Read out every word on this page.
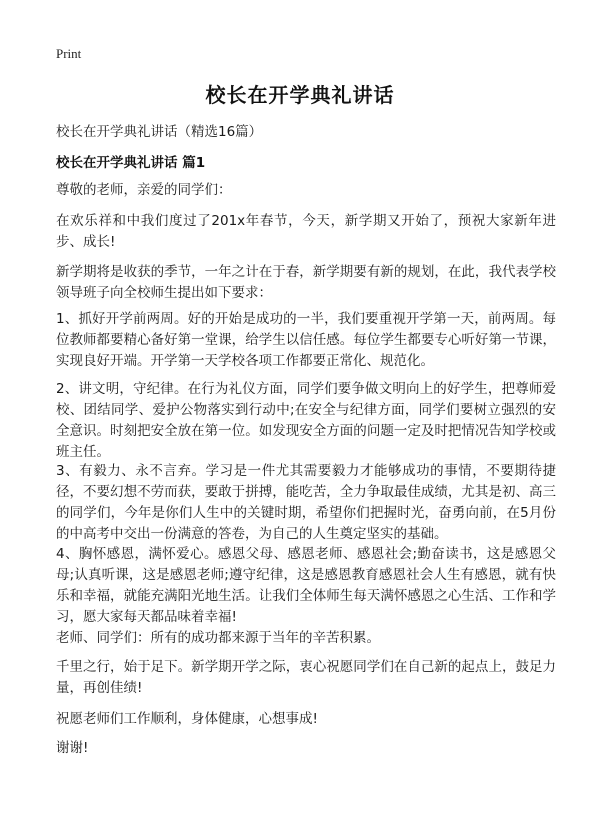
Print
校长在开学典礼讲话
校长在开学典礼讲话（精选16篇）
校长在开学典礼讲话 篇1

尊敬的老师，亲爱的同学们：

在欢乐祥和中我们度过了201x年春节，今天，新学期又开始了，预祝大家新年进步、成长!

新学期将是收获的季节，一年之计在于春，新学期要有新的规划，在此，我代表学校领导班子向全校师生提出如下要求：

1、抓好开学前两周。好的开始是成功的一半，我们要重视开学第一天，前两周。每位教师都要精心备好第一堂课，给学生以信任感。每位学生都要专心听好第一节课，实现良好开端。开学第一天学校各项工作都要正常化、规范化。

2、讲文明，守纪律。在行为礼仪方面，同学们要争做文明向上的好学生，把尊师爱校、团结同学、爱护公物落实到行动中;在安全与纪律方面，同学们要树立强烈的安全意识。时刻把安全放在第一位。如发现安全方面的问题一定及时把情况告知学校或班主任。

3、有毅力、永不言弃。学习是一件尤其需要毅力才能够成功的事情，不要期待捷径，不要幻想不劳而获，要敢于拼搏，能吃苦，全力争取最佳成绩，尤其是初、高三的同学们，今年是你们人生中的关键时期，希望你们把握时光，奋勇向前，在5月份的中高考中交出一份满意的答卷，为自己的人生奠定坚实的基础。

4、胸怀感恩，满怀爱心。感恩父母、感恩老师、感恩社会;勤奋读书，这是感恩父母;认真听课，这是感恩老师;遵守纪律，这是感恩教育感恩社会人生有感恩，就有快乐和幸福，就能充满阳光地生活。让我们全体师生每天满怀感恩之心生活、工作和学习，愿大家每天都品味着幸福!

老师、同学们：所有的成功都来源于当年的辛苦积累。

千里之行，始于足下。新学期开学之际，衷心祝愿同学们在自己新的起点上，鼓足力量，再创佳绩!

祝愿老师们工作顺利，身体健康，心想事成!

谢谢!
